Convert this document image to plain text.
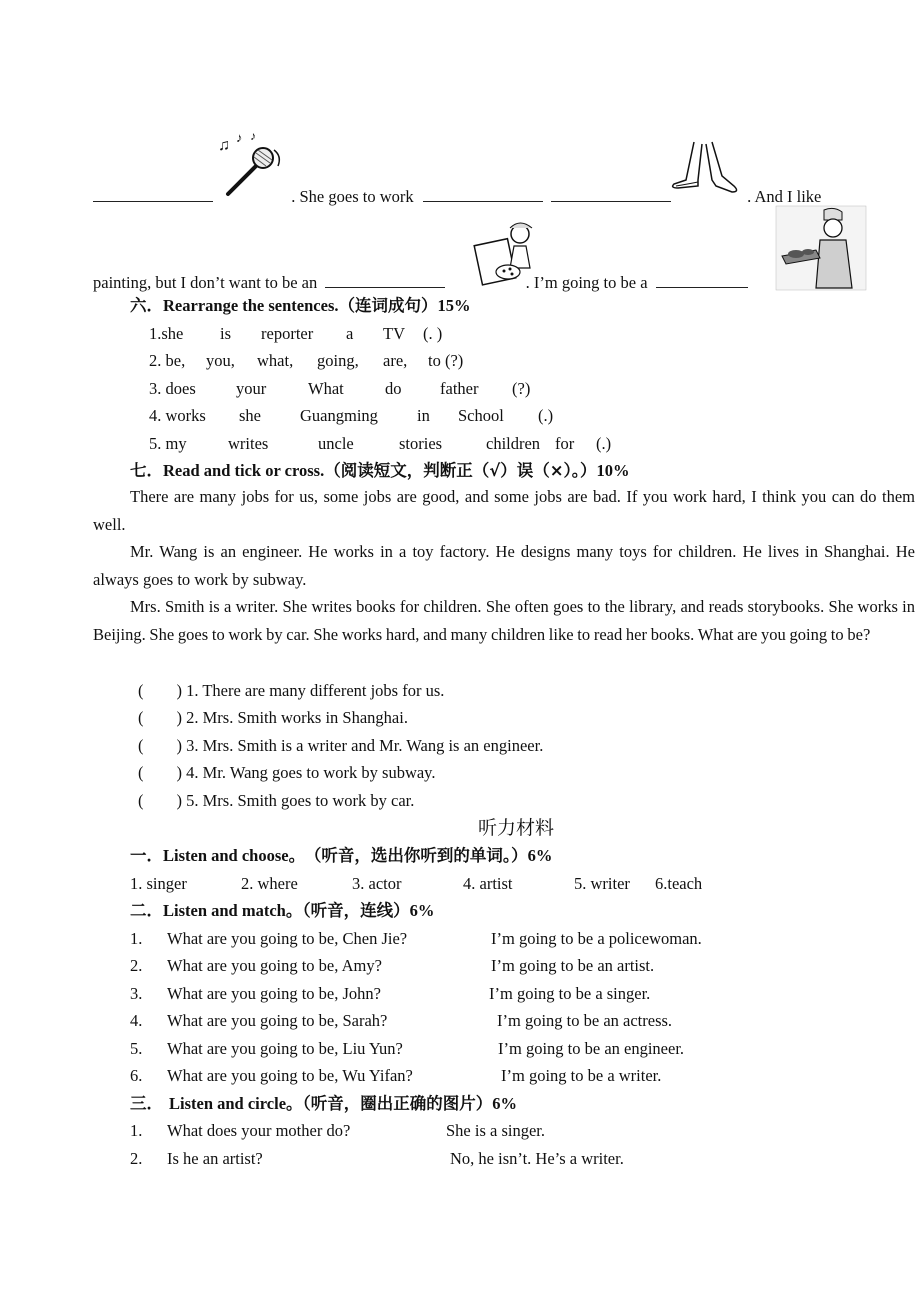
. She goes to work	. And I like
♫ ♪ ♪
painting, but I don’t want to be an	. I’m going to be a
六．Rearrange the sentences.（连词成句）15%
1.she is reporter a TV (. )
2. be, you, what, going, are, to (?)
3. does your	What	do father (?)
4. works she Guangming in School (.)
5. my	writes	uncle	stories	children for (.)
七．Read and tick or cross.（阅读短文，判断正（√）误（×）。）10%
There are many jobs for us, some jobs are good, and some jobs are bad. If you work hard, I think you can do them well.
Mr. Wang is an engineer. He works in a toy factory. He designs many toys for children. He lives in Shanghai. He always goes to work by subway.
Mrs. Smith is a writer. She writes books for children. She often goes to the library, and reads storybooks. She works in Beijing. She goes to work by car. She works hard, and many children like to read her books. What are you going to be?
(　　) 1. There are many different jobs for us.
(　　) 2. Mrs. Smith works in Shanghai.
(　　) 3. Mrs. Smith is a writer and Mr. Wang is an engineer.
(　　) 4. Mr. Wang goes to work by subway.
(　　) 5. Mrs. Smith goes to work by car.
听力材料
一．Listen and choose。 （听音，选出你听到的单词。）6%
1. singer	2. where	3. actor	4. artist	5. writer 6.teach
二．Listen and match。（听音，连线）6%
1. What are you going to be, Chen Jie?	I’m going to be a policewoman.
2. What are you going to be, Amy?	I’m going to be an artist.
3. What are you going to be, John?	I’m going to be a singer.
4. What are you going to be, Sarah?	I’m going to be an actress.
5. What are you going to be, Liu Yun?	I’m going to be an engineer.
6. What are you going to be, Wu Yifan?	I’m going to be a writer.
三． Listen and circle。（听音，圈出正确的图片）6%
1. What does your mother do?	She is a singer.
2. Is he an artist?	No, he isn’t. He’s a writer.
